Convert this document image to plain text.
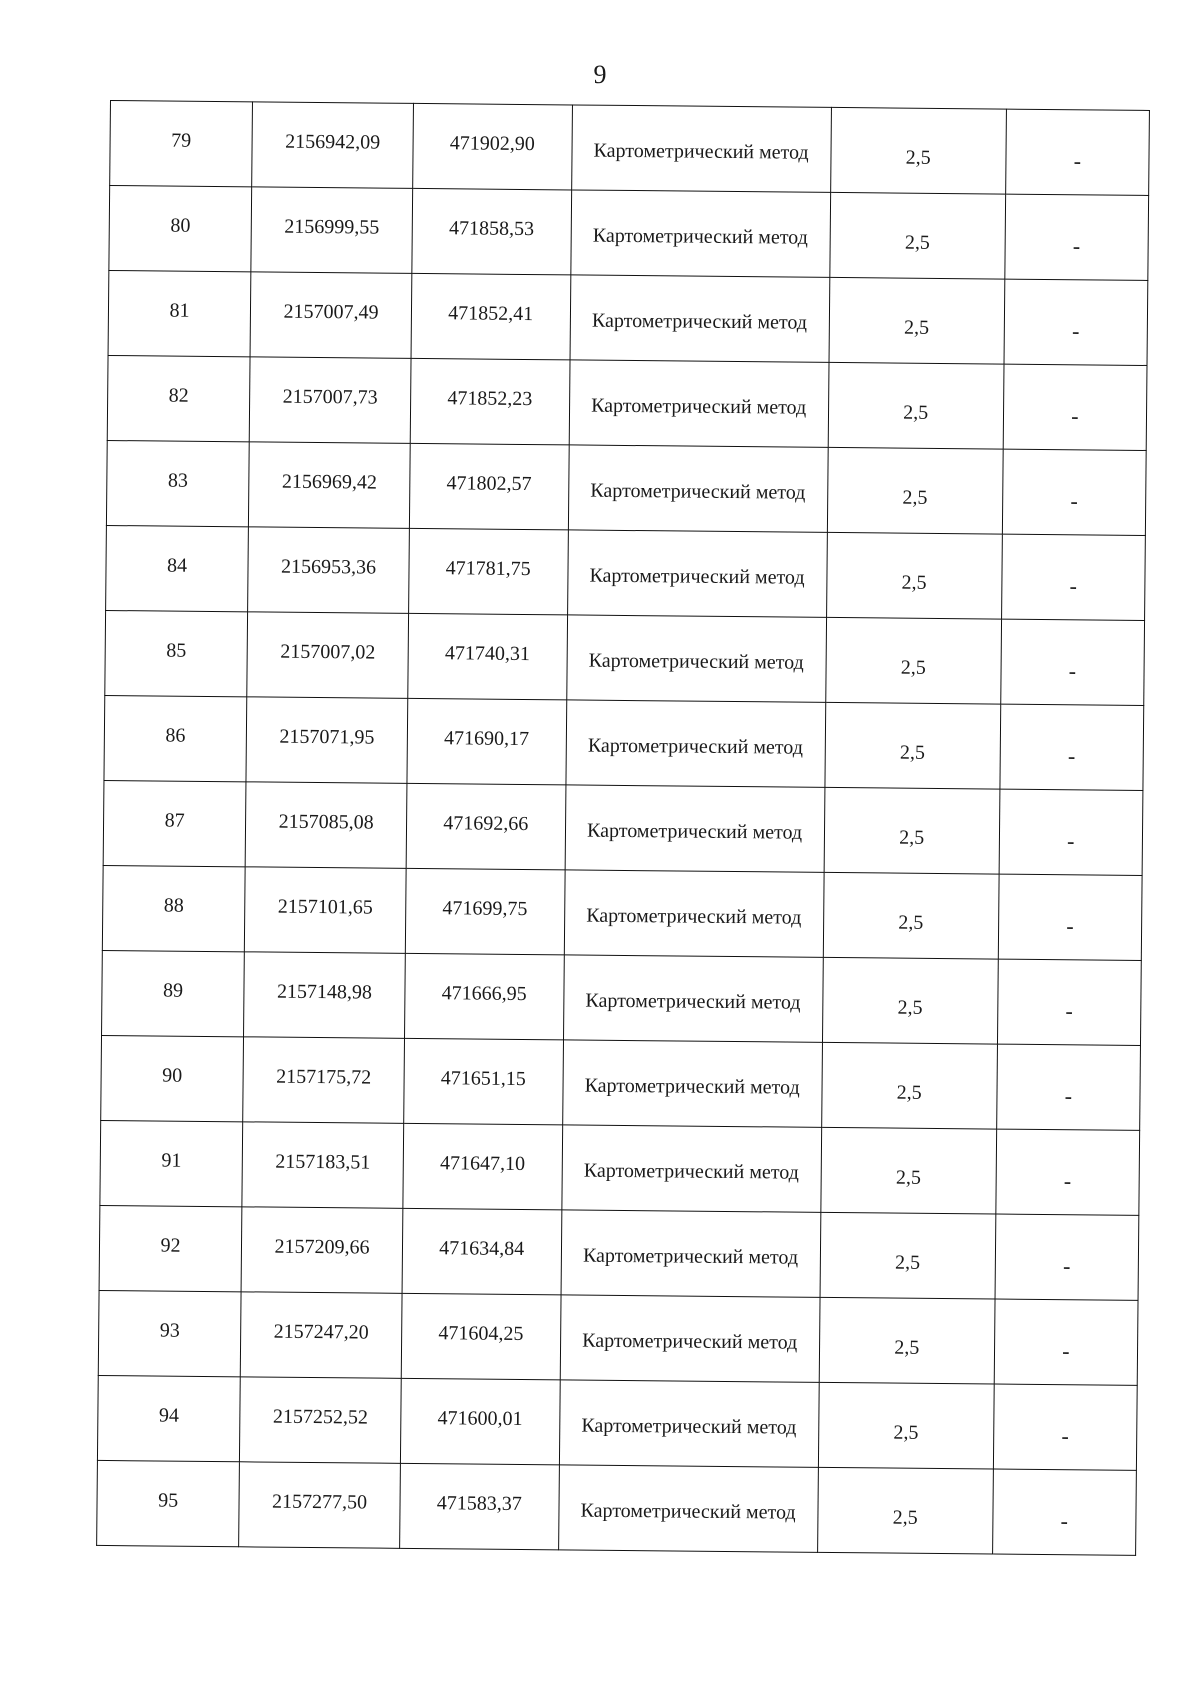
9
79	2156942,09	471902,90	Картометрический метод	2,5	-

80	2156999,55	471858,53	Картометрический метод	2,5	-

81	2157007,49	471852,41	Картометрический метод	2,5	-

82	2157007,73	471852,23	Картометрический метод	2,5	-

83	2156969,42	471802,57	Картометрический метод	2,5	-

84	2156953,36	471781,75	Картометрический метод	2,5	-

85	2157007,02	471740,31	Картометрический метод	2,5	-

86	2157071,95	471690,17	Картометрический метод	2,5	-

87	2157085,08	471692,66	Картометрический метод	2,5	-

88	2157101,65	471699,75	Картометрический метод	2,5	-

89	2157148,98	471666,95	Картометрический метод	2,5	-

90	2157175,72	471651,15	Картометрический метод	2,5	-

91	2157183,51	471647,10	Картометрический метод	2,5	-

92	2157209,66	471634,84	Картометрический метод	2,5	-

93	2157247,20	471604,25	Картометрический метод	2,5	-

94	2157252,52	471600,01	Картометрический метод	2,5	-

95	2157277,50	471583,37	Картометрический метод	2,5	-
